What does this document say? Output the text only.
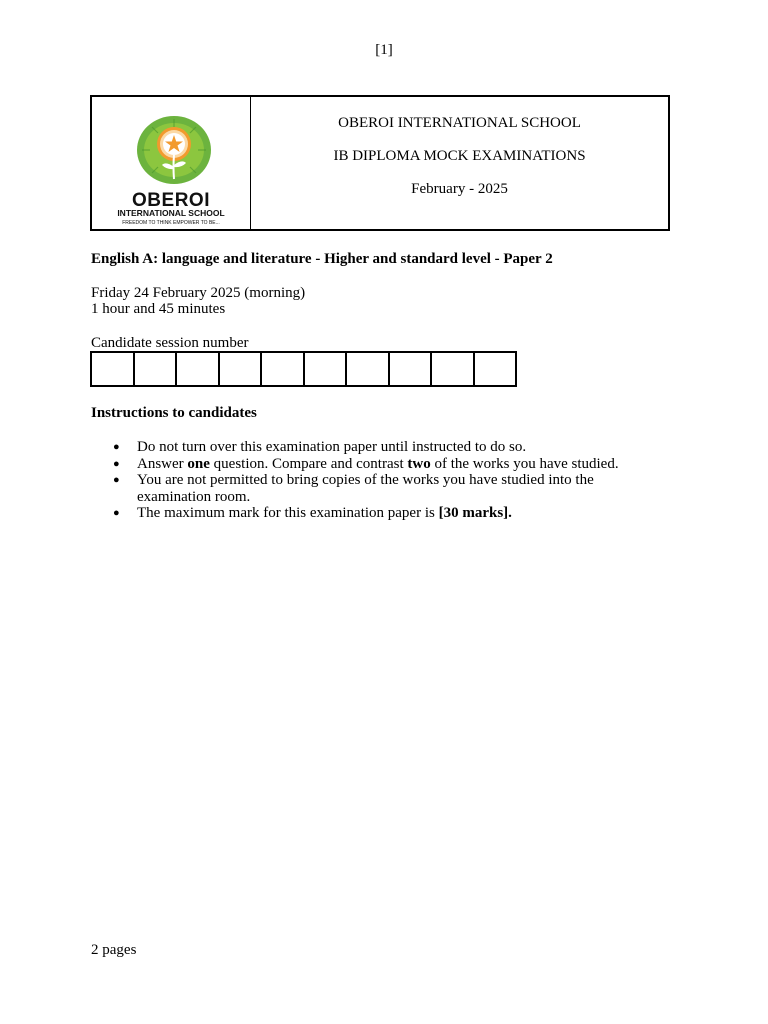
[1]
OBEROI
INTERNATIONAL SCHOOL
FREEDOM TO THINK EMPOWER TO BE...
OBEROI INTERNATIONAL SCHOOL
IB DIPLOMA MOCK EXAMINATIONS
February - 2025
English A: language and literature - Higher and standard level - Paper 2
Friday 24 February 2025 (morning)
1 hour and 45 minutes
Candidate session number
Instructions to candidates
● Do not turn over this examination paper until instructed to do so.
● Answer one question. Compare and contrast two of the works you have studied.
● You are not permitted to bring copies of the works you have studied into the examination room.
● The maximum mark for this examination paper is [30 marks].
2 pages
